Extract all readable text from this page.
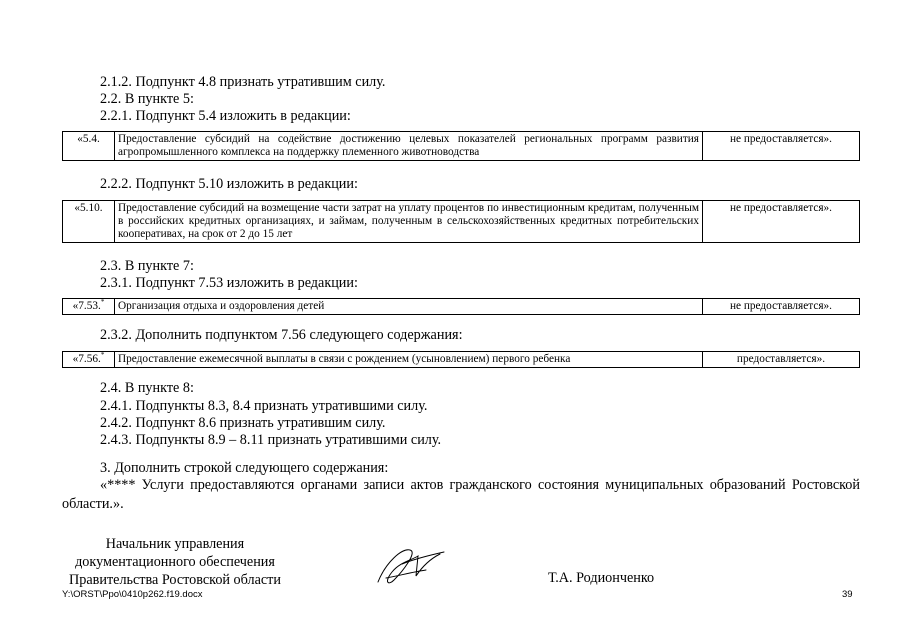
2.1.2. Подпункт 4.8 признать утратившим силу.
2.2. В пункте 5:
2.2.1. Подпункт 5.4 изложить в редакции:
«5.4.	Предоставление субсидий на содействие достижению целевых показателей региональных программ развития агропромышленного комплекса на поддержку племенного животноводства	не предоставляется».
2.2.2. Подпункт 5.10 изложить в редакции:
«5.10.	Предоставление субсидий на возмещение части затрат на уплату процентов по инвестиционным кредитам, полученным в российских кредитных организациях, и займам, полученным в сельскохозяйственных кредитных потребительских кооперативах, на срок от 2 до 15 лет	не предоставляется».
2.3. В пункте 7:
2.3.1. Подпункт 7.53 изложить в редакции:
«7.53.*	Организация отдыха и оздоровления детей	не предоставляется».
2.3.2. Дополнить подпунктом 7.56 следующего содержания:
«7.56.*	Предоставление ежемесячной выплаты в связи с рождением (усыновлением) первого ребенка	предоставляется».
2.4. В пункте 8:
2.4.1. Подпункты 8.3, 8.4 признать утратившими силу.
2.4.2. Подпункт 8.6 признать утратившим силу.
2.4.3. Подпункты 8.9 – 8.11 признать утратившими силу.
3. Дополнить строкой следующего содержания:
«**** Услуги предоставляются органами записи актов гражданского состояния муниципальных образований Ростовской области.».
Начальник управления
документационного обеспечения
Правительства Ростовской области	Т.А. Родионченко
Y:\ORST\Ppo\0410p262.f19.docx	39
